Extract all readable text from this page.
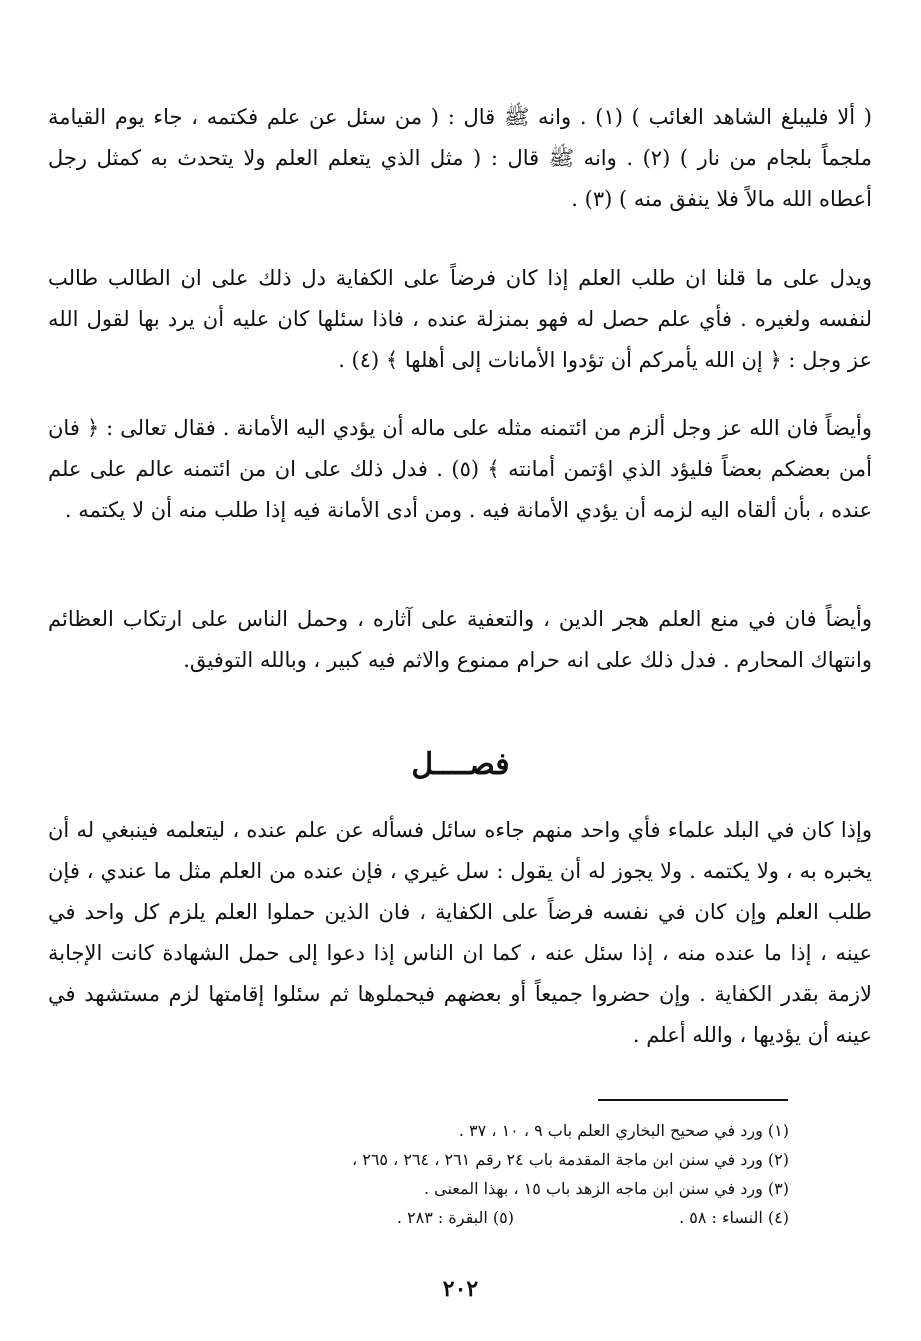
( ألا فليبلغ الشاهد الغائب ) (١) . وانه ﷺ قال : ( من سئل عن علم فكتمه ، جاء يوم القيامة ملجماً بلجام من نار ) (٢) . وانه ﷺ قال : ( مثل الذي يتعلم العلم ولا يتحدث به كمثل رجل أعطاه الله مالاً فلا ينفق منه ) (٣) .

ويدل على ما قلنا ان طلب العلم إذا كان فرضاً على الكفاية دل ذلك على ان الطالب طالب لنفسه ولغيره . فأي علم حصل له فهو بمنزلة عنده ، فاذا سئلها كان عليه أن يرد بها لقول الله عز وجل : ﴿ إن الله يأمركم أن تؤدوا الأمانات إلى أهلها ﴾ (٤) .

وأيضاً فان الله عز وجل ألزم من ائتمنه مثله على ماله أن يؤدي اليه الأمانة . فقال تعالى : ﴿ فان أمن بعضكم بعضاً فليؤد الذي اؤتمن أمانته ﴾ (٥) . فدل ذلك على ان من ائتمنه عالم على علم عنده ، بأن ألقاه اليه لزمه أن يؤدي الأمانة فيه . ومن أدى الأمانة فيه إذا طلب منه أن لا يكتمه .

وأيضاً فان في منع العلم هجر الدين ، والتعفية على آثاره ، وحمل الناس على ارتكاب العظائم وانتهاك المحارم . فدل ذلك على انه حرام ممنوع والاثم فيه كبير ، وبالله التوفيق.

فصــــل

وإذا كان في البلد علماء فأي واحد منهم جاءه سائل فسأله عن علم عنده ، ليتعلمه فينبغي له أن يخبره به ، ولا يكتمه . ولا يجوز له أن يقول : سل غيري ، فإن عنده من العلم مثل ما عندي ، فإن طلب العلم وإن كان في نفسه فرضاً على الكفاية ، فان الذين حملوا العلم يلزم كل واحد في عينه ، إذا ما عنده منه ، إذا سئل عنه ، كما ان الناس إذا دعوا إلى حمل الشهادة كانت الإجابة لازمة بقدر الكفاية . وإن حضروا جميعاً أو بعضهم فيحملوها ثم سئلوا إقامتها لزم مستشهد في عينه أن يؤديها ، والله أعلم .

(١) ورد في صحيح البخاري العلم باب ٩ ، ١٠ ، ٣٧ .
(٢) ورد في سنن ابن ماجة المقدمة باب ٢٤ رقم ٢٦١ ، ٢٦٤ ، ٢٦٥ ،
(٣) ورد في سنن ابن ماجه الزهد باب ١٥ ، بهذا المعنى .
(٤) النساء : ٥٨ . (٥) البقرة : ٢٨٣ .
٢٠٢
